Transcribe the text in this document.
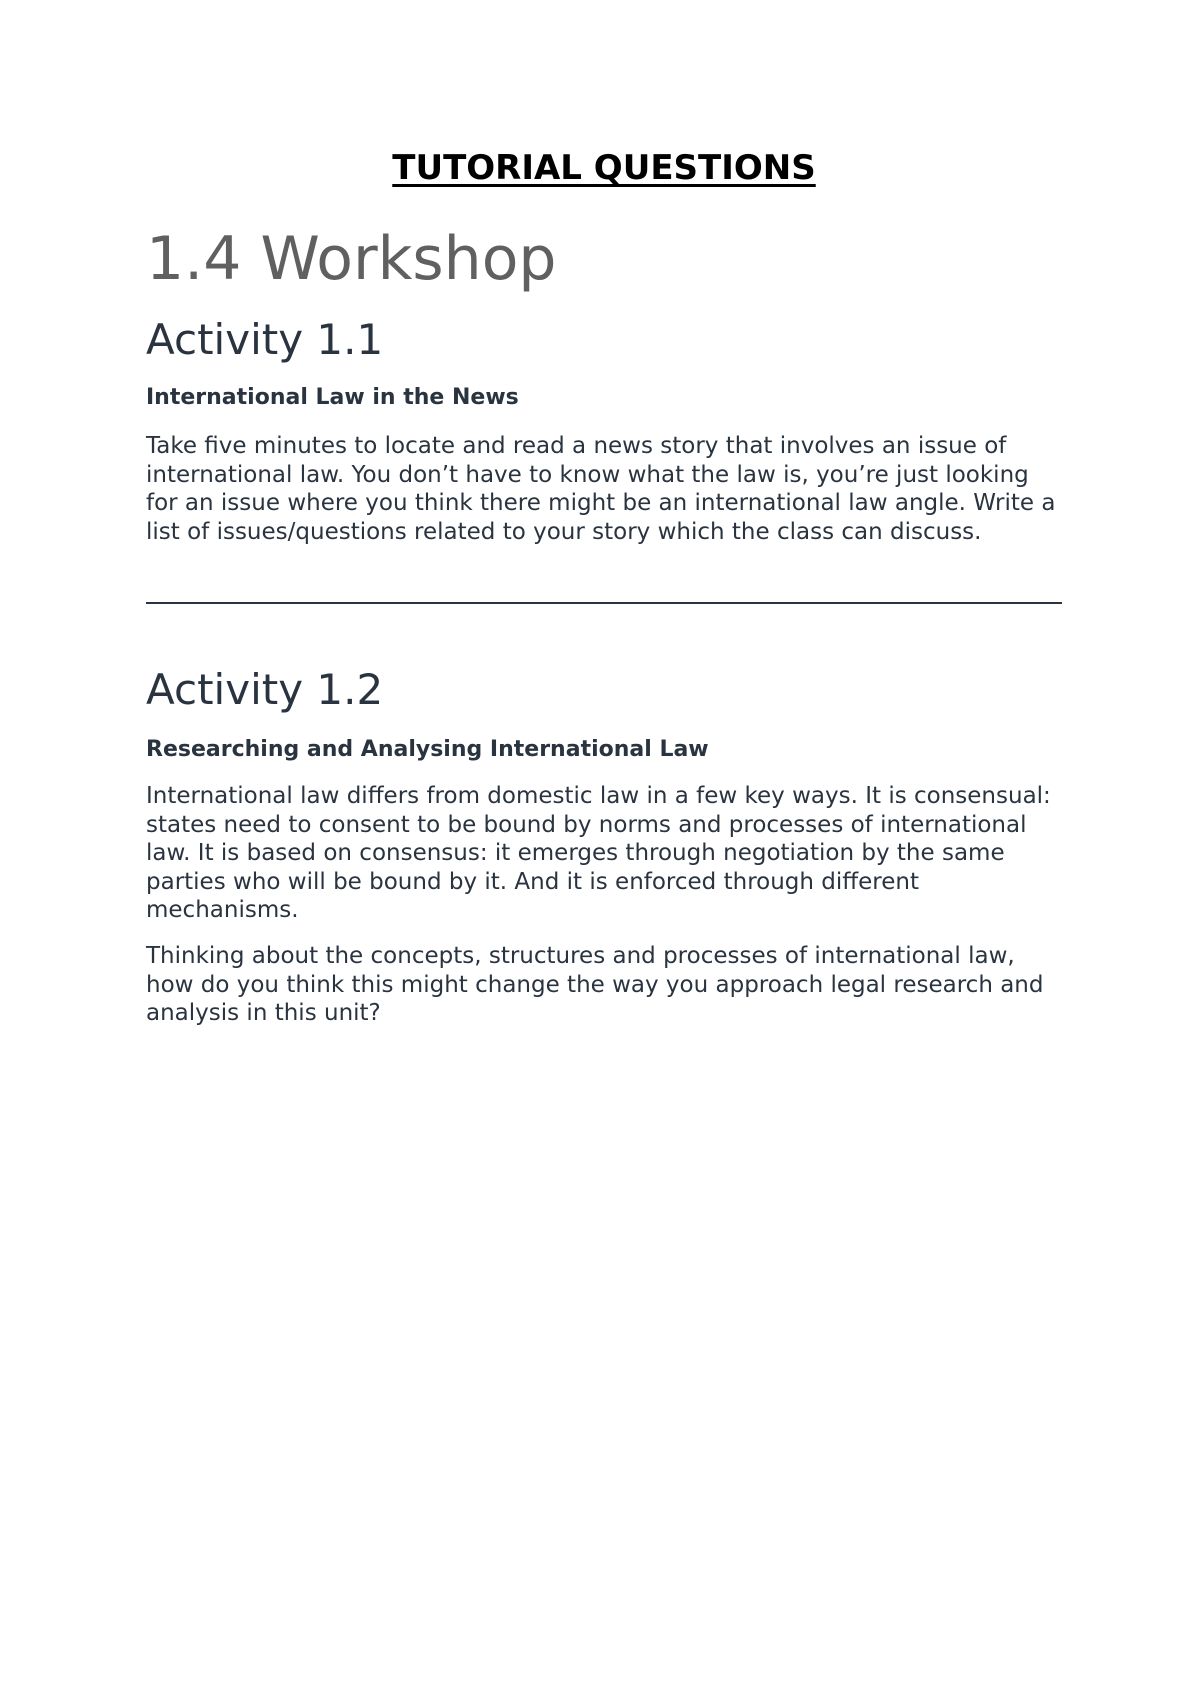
TUTORIAL QUESTIONS
1.4 Workshop
Activity 1.1

International Law in the News

Take five minutes to locate and read a news story that involves an issue of international law. You don’t have to know what the law is, you’re just looking for an issue where you think there might be an international law angle. Write a list of issues/questions related to your story which the class can discuss.

Activity 1.2

Researching and Analysing International Law

International law differs from domestic law in a few key ways. It is consensual: states need to consent to be bound by norms and processes of international law. It is based on consensus: it emerges through negotiation by the same parties who will be bound by it. And it is enforced through different mechanisms.

Thinking about the concepts, structures and processes of international law, how do you think this might change the way you approach legal research and analysis in this unit?
